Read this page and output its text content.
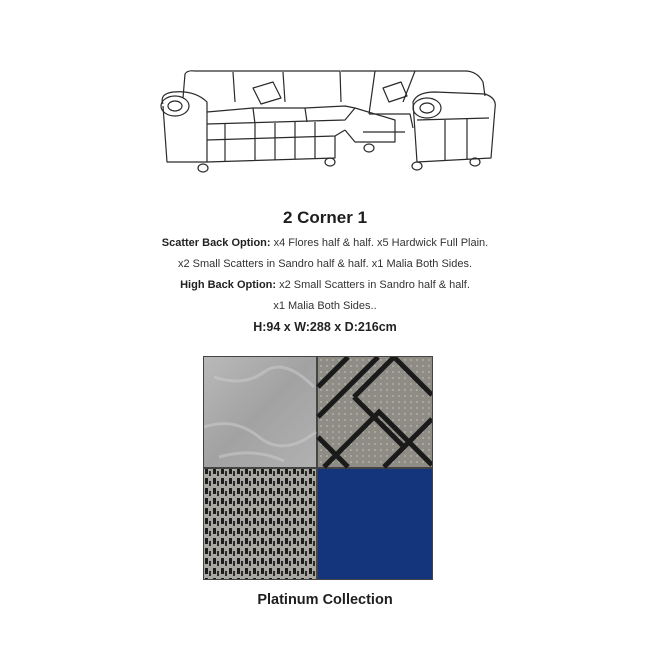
2 Corner 1
Scatter Back Option: x4 Flores half & half. x5 Hardwick Full Plain.
x2 Small Scatters in Sandro half & half. x1 Malia Both Sides.
High Back Option: x2 Small Scatters in Sandro half & half.
x1 Malia Both Sides..
H:94 x W:288 x D:216cm
Platinum Collection
